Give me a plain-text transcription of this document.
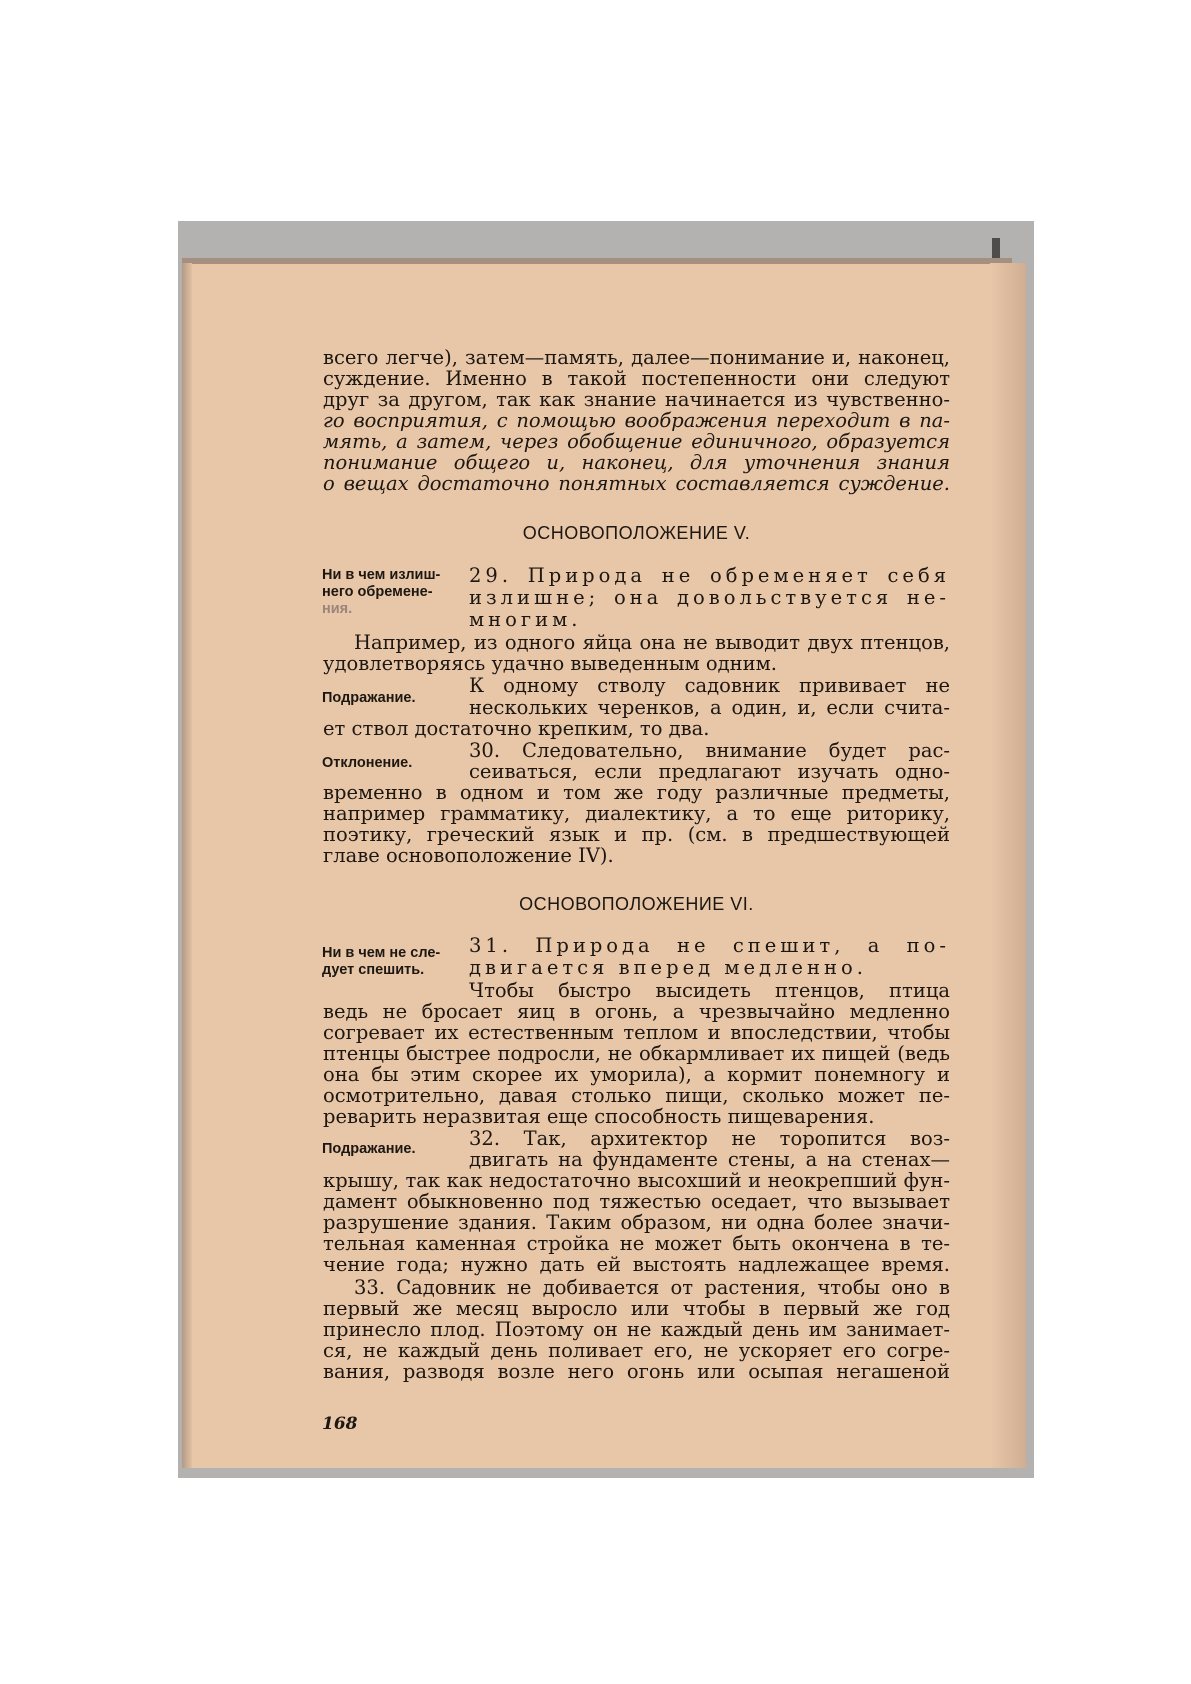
всего легче), затем—память, далее—понимание и, наконец,
суждение. Именно в такой постепенности они следуют
друг за другом, так как знание начинается из чувственно-
го восприятия, с помощью воображения переходит в па-
мять, а затем, через обобщение единичного, образуется
понимание общего и, наконец, для уточнения знания
о вещах достаточно понятных составляется суждение.
ОСНОВОПОЛОЖЕНИЕ V.
Ни в чем излиш-
него обремене-
ния.
29. Природа не обременяет себя
излишне; она довольствуется не-
многим.
Например, из одного яйца она не выводит двух птенцов,
удовлетворяясь удачно выведенным одним.
Подражание.
К одному стволу садовник прививает не
нескольких черенков, а один, и, если счита-
ет ствол достаточно крепким, то два.
Отклонение.
30. Следовательно, внимание будет рас-
сеиваться, если предлагают изучать одно-
временно в одном и том же году различные предметы,
например грамматику, диалектику, а то еще риторику,
поэтику, греческий язык и пр. (см. в предшествующей
главе основоположение IV).
ОСНОВОПОЛОЖЕНИЕ VI.
Ни в чем не сле-
дует спешить.
31. Природа не спешит, а по-
двигается вперед медленно.
Чтобы быстро высидеть птенцов, птица
ведь не бросает яиц в огонь, а чрезвычайно медленно
согревает их естественным теплом и впоследствии, чтобы
птенцы быстрее подросли, не обкармливает их пищей (ведь
она бы этим скорее их уморила), а кормит понемногу и
осмотрительно, давая столько пищи, сколько может пе-
реварить неразвитая еще способность пищеварения.
Подражание.	32. Так, архитектор не торопится воз-
двигать на фундаменте стены, а на стенах—
крышу, так как недостаточно высохший и неокрепший фун-
дамент обыкновенно под тяжестью оседает, что вызывает
разрушение здания. Таким образом, ни одна более значи-
тельная каменная стройка не может быть окончена в те-
чение года; нужно дать ей выстоять надлежащее время.
33. Садовник не добивается от растения, чтобы оно в
первый же месяц выросло или чтобы в первый же год
принесло плод. Поэтому он не каждый день им занимает-
ся, не каждый день поливает его, не ускоряет его согре-
вания, разводя возле него огонь или осыпая негашеной
168
